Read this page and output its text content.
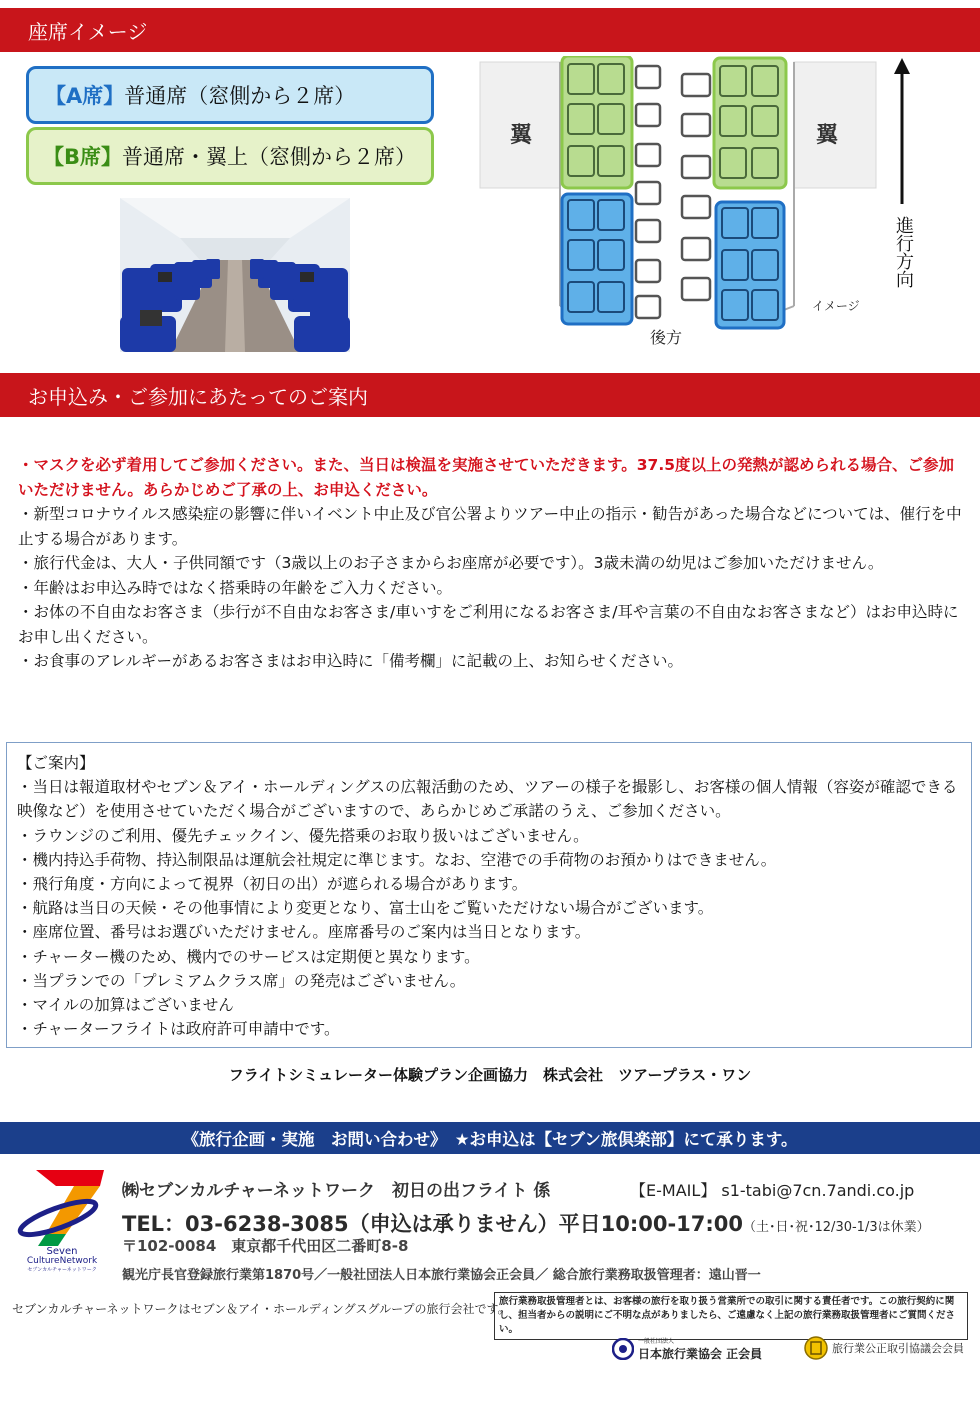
座席イメージ
【A席】 普通席（窓側から２席）
【B席】 普通席・翼上（窓側から２席）
翼	翼
後方
イメージ
進行方向
お申込み・ご参加にあたってのご案内

・マスクを必ず着用してご参加ください。また、当日は検温を実施させていただきます。37.5度以上の発熱が認められる場合、ご参加いただけません。あらかじめご了承の上、お申込ください。

・新型コロナウイルス感染症の影響に伴いイベント中止及び官公署よりツアー中止の指示・勧告があった場合などについては、催行を中止する場合があります。

・旅行代金は、大人・子供同額です（3歳以上のお子さまからお座席が必要です）。3歳未満の幼児はご参加いただけません。

・年齢はお申込み時ではなく搭乗時の年齢をご入力ください。

・お体の不自由なお客さま（歩行が不自由なお客さま/車いすをご利用になるお客さま/耳や言葉の不自由なお客さまなど）はお申込時にお申し出ください。

・お食事のアレルギーがあるお客さまはお申込時に「備考欄」に記載の上、お知らせください。

【ご案内】

・当日は報道取材やセブン＆アイ・ホールディングスの広報活動のため、ツアーの様子を撮影し、お客様の個人情報（容姿が確認できる映像など）を使用させていただく場合がございますので、あらかじめご承諾のうえ、ご参加ください。

・ラウンジのご利用、優先チェックイン、優先搭乗のお取り扱いはございません。

・機内持込手荷物、持込制限品は運航会社規定に準じます。なお、空港での手荷物のお預かりはできません。

・飛行角度・方向によって視界（初日の出）が遮られる場合があります。

・航路は当日の天候・その他事情により変更となり、富士山をご覧いただけない場合がございます。

・座席位置、番号はお選びいただけません。座席番号のご案内は当日となります。

・チャーター機のため、機内でのサービスは定期便と異なります。

・当プランでの「プレミアムクラス席」の発売はございません。

・マイルの加算はございません

・チャーターフライトは政府許可申請中です。

フライトシミュレーター体験プラン企画協力　株式会社　ツアープラス・ワン
《旅行企画・実施　お問い合わせ》　★お申込は【セブン旅倶楽部】にて承ります。
Seven
CultureNetwork
セブンカルチャーネットワーク
㈱セブンカルチャーネットワーク　初日の出フライト 係	【E-MAIL】 s1-tabi@7cn.7andi.co.jp
TEL：03-6238-3085（申込は承りません）平日10:00-17:00（土･日･祝･12/30-1/3は休業）
〒102-0084　東京都千代田区二番町8-8
観光庁長官登録旅行業第1870号／一般社団法人日本旅行業協会正会員／ 総合旅行業務取扱管理者：遠山晋一
セブンカルチャーネットワークはセブン＆アイ・ホールディングスグループの旅行会社です。
旅行業務取扱管理者とは、お客様の旅行を取り扱う営業所での取引に関する責任者です。この旅行契約に関し、担当者からの説明にご不明な点がありましたら、ご遠慮なく上記の旅行業務取扱管理者にご質問ください。
一般社団法人
日本旅行業協会 正会員	旅行業公正取引協議会会員
